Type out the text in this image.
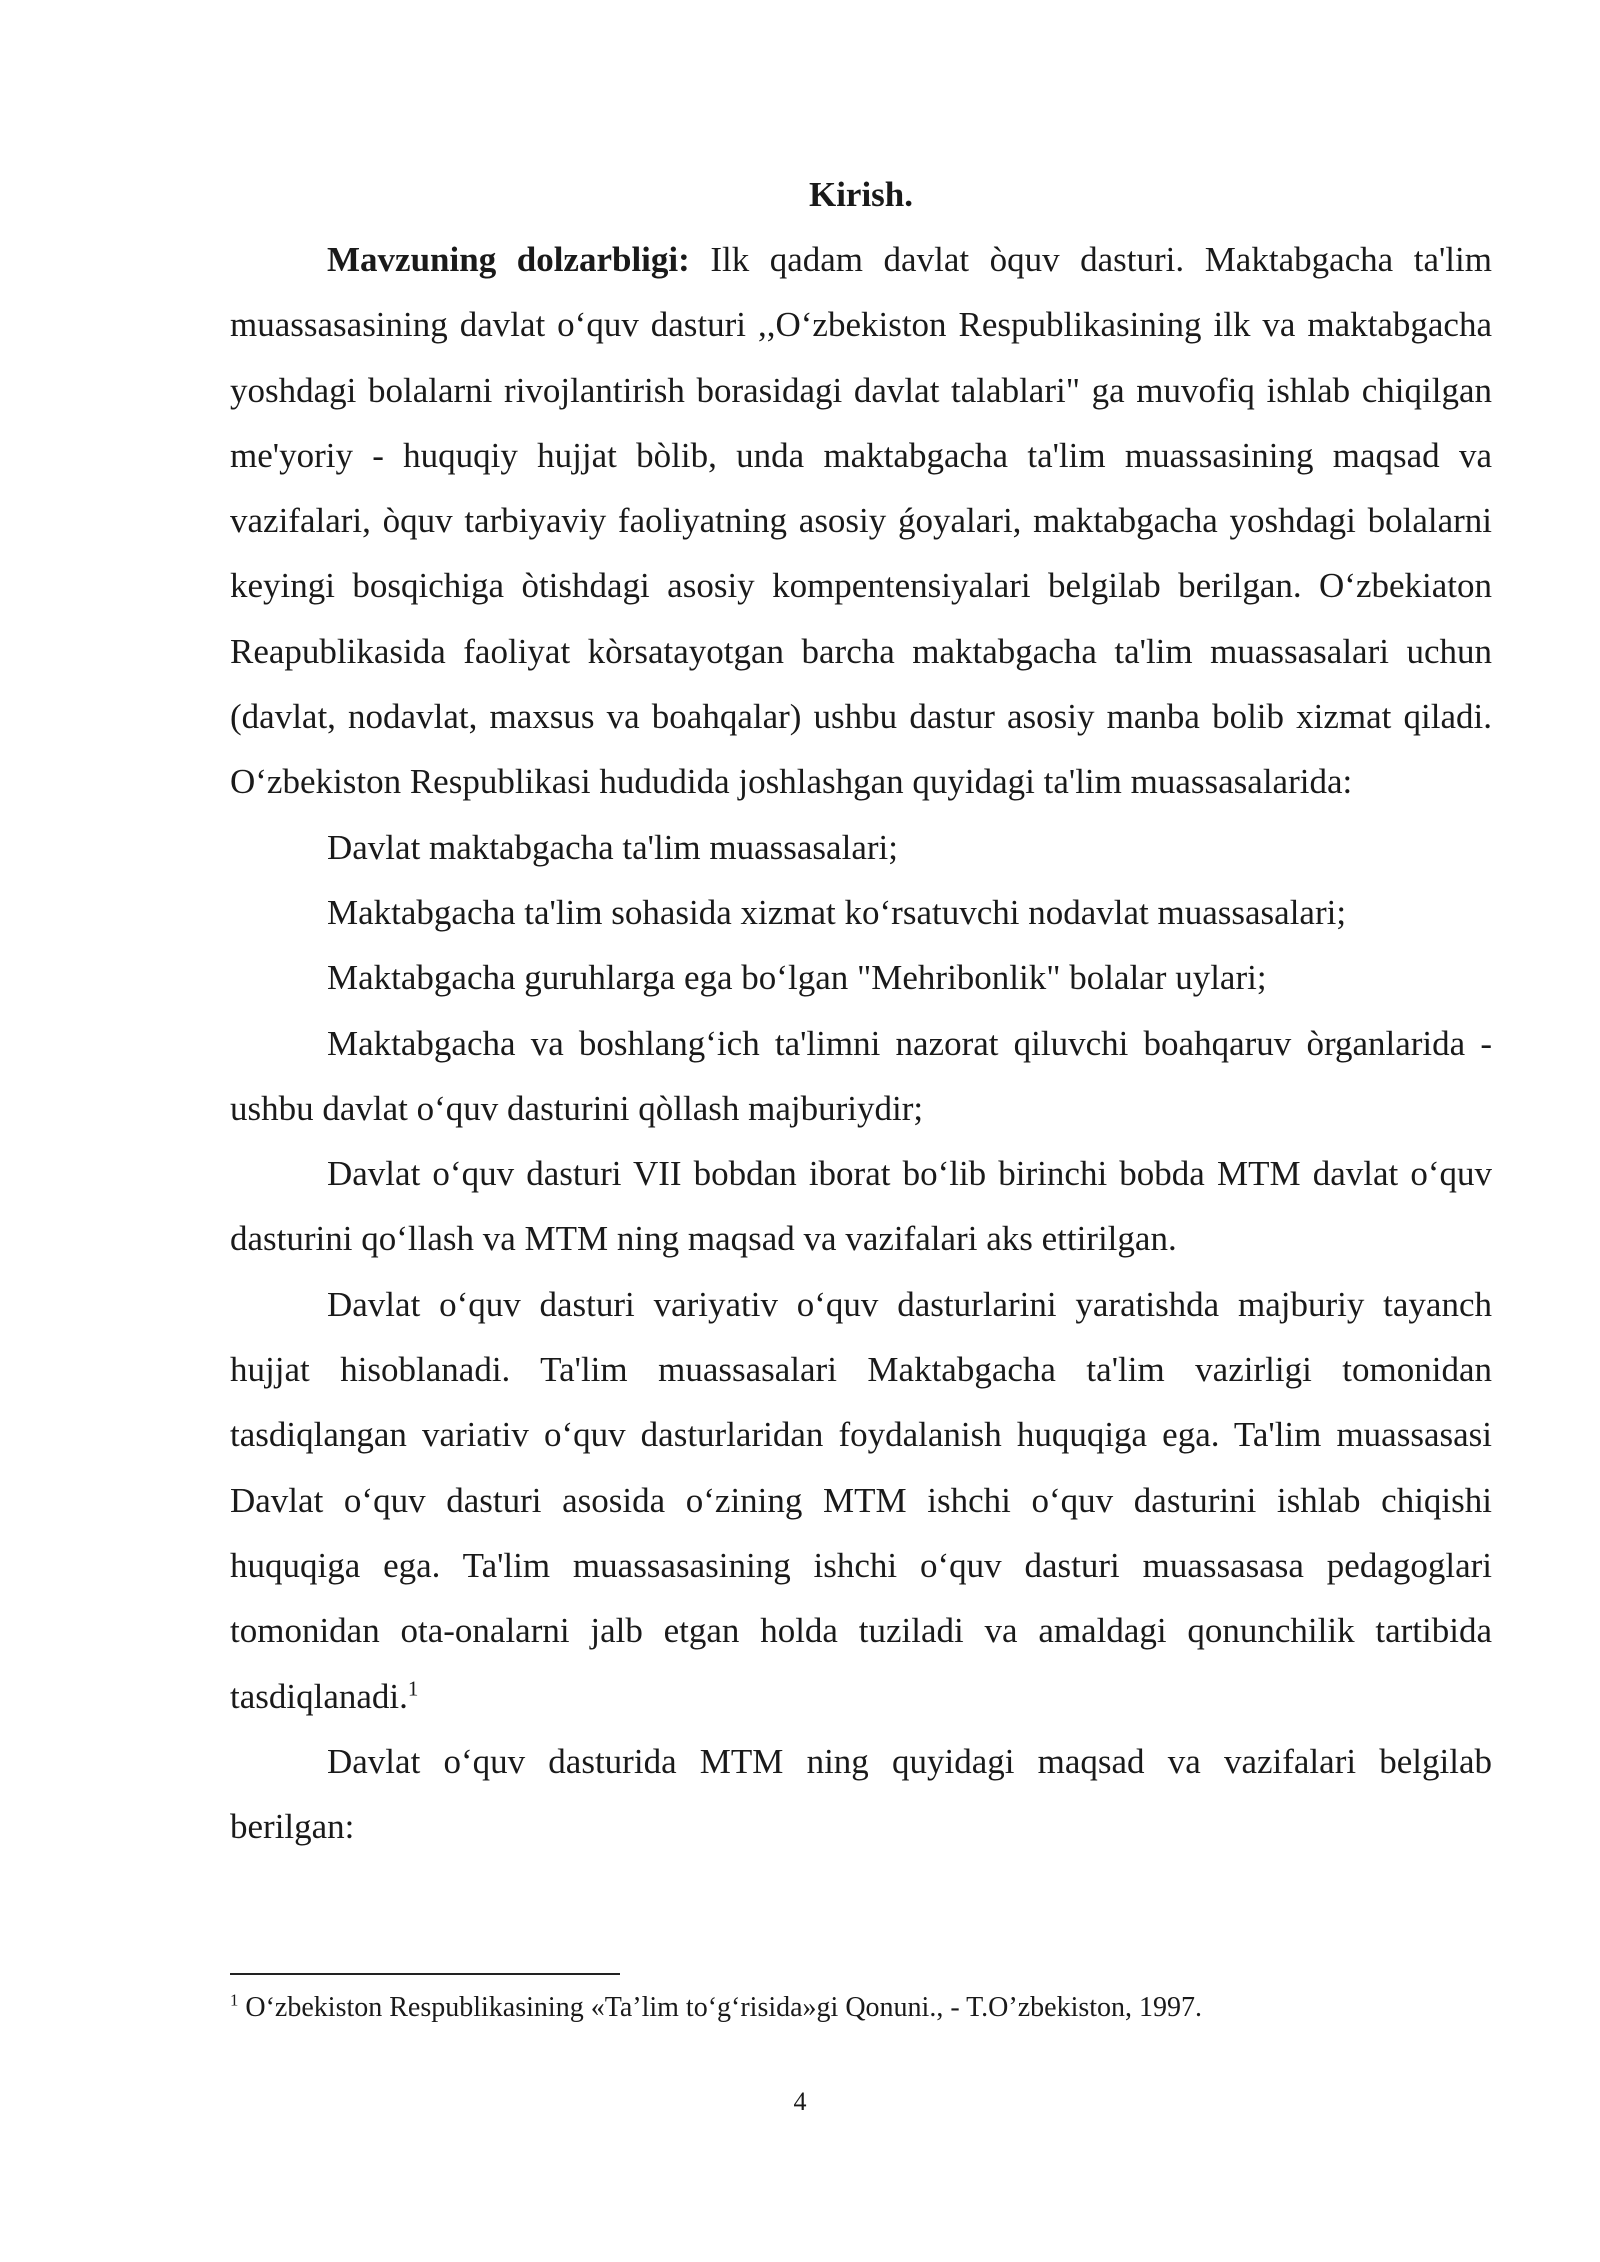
Kirish.

Mavzuning dolzarbligi: Ilk qadam davlat òquv dasturi. Maktabgacha ta'lim muassasasining davlat o‘quv dasturi ,,O‘zbekiston Respublikasining ilk va maktabgacha yoshdagi bolalarni rivojlantirish borasidagi davlat talablari" ga muvofiq ishlab chiqilgan me'yoriy - huquqiy hujjat bòlib, unda maktabgacha ta'lim muassasining maqsad va vazifalari, òquv tarbiyaviy faoliyatning asosiy ǵoyalari, maktabgacha yoshdagi bolalarni keyingi bosqichiga òtishdagi asosiy kompentensiyalari belgilab berilgan. O‘zbekiaton Reapublikasida faoliyat kòrsatayotgan barcha maktabgacha ta'lim muassasalari uchun (davlat, nodavlat, maxsus va boahqalar) ushbu dastur asosiy manba bolib xizmat qiladi. O‘zbekiston Respublikasi hududida joshlashgan quyidagi ta'lim muassasalarida:

Davlat maktabgacha ta'lim muassasalari;

Maktabgacha ta'lim sohasida xizmat ko‘rsatuvchi nodavlat muassasalari;

Maktabgacha guruhlarga ega bo‘lgan "Mehribonlik" bolalar uylari;

Maktabgacha va boshlang‘ich ta'limni nazorat qiluvchi boahqaruv òrganlarida - ushbu davlat o‘quv dasturini qòllash majburiydir;

Davlat o‘quv dasturi VII bobdan iborat bo‘lib birinchi bobda MTM davlat o‘quv dasturini qo‘llash va MTM ning maqsad va vazifalari aks ettirilgan.

Davlat o‘quv dasturi variyativ o‘quv dasturlarini yaratishda majburiy tayanch hujjat hisoblanadi. Ta'lim muassasalari Maktabgacha ta'lim vazirligi tomonidan tasdiqlangan variativ o‘quv dasturlaridan foydalanish huquqiga ega. Ta'lim muassasasi Davlat o‘quv dasturi asosida o‘zining MTM ishchi o‘quv dasturini ishlab chiqishi huquqiga ega. Ta'lim muassasasining ishchi o‘quv dasturi muassasasa pedagoglari tomonidan ota-onalarni jalb etgan holda tuziladi va amaldagi qonunchilik tartibida tasdiqlanadi.$^1$

Davlat o‘quv dasturida MTM ning quyidagi maqsad va vazifalari belgilab berilgan:

$^1$ O‘zbekiston Respublikasining «Ta’lim to‘g‘risida»gi Qonuni., - T.O’zbekiston, 1997.

4
